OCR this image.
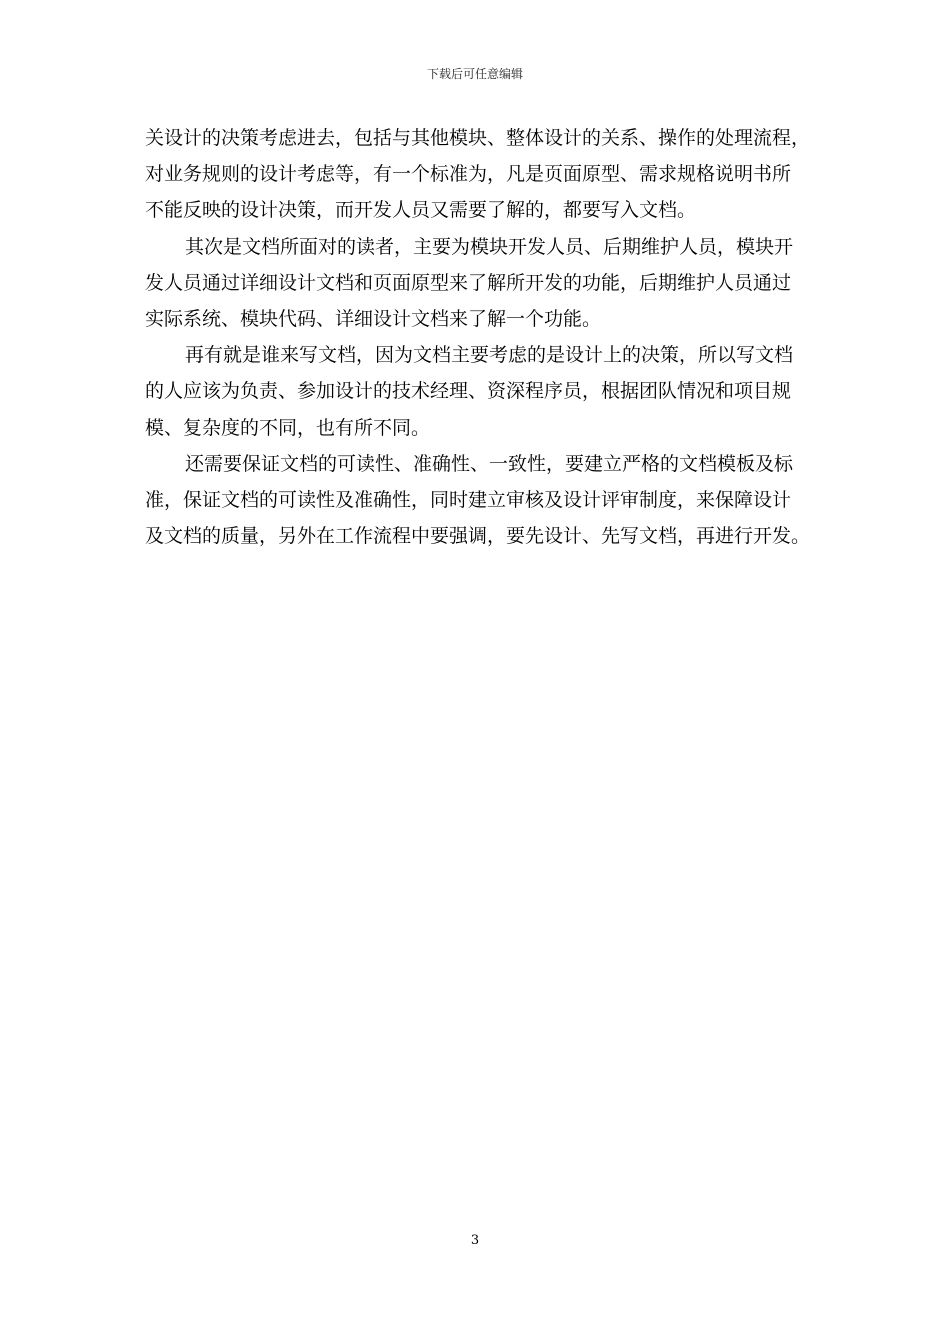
下载后可任意编辑
关设计的决策考虑进去，包括与其他模块、整体设计的关系、操作的处理流程，
对业务规则的设计考虑等，有一个标准为，凡是页面原型、需求规格说明书所
不能反映的设计决策，而开发人员又需要了解的，都要写入文档。
其次是文档所面对的读者，主要为模块开发人员、后期维护人员，模块开
发人员通过详细设计文档和页面原型来了解所开发的功能，后期维护人员通过
实际系统、模块代码、详细设计文档来了解一个功能。
再有就是谁来写文档，因为文档主要考虑的是设计上的决策，所以写文档
的人应该为负责、参加设计的技术经理、资深程序员，根据团队情况和项目规
模、复杂度的不同，也有所不同。
还需要保证文档的可读性、准确性、一致性，要建立严格的文档模板及标
准，保证文档的可读性及准确性，同时建立审核及设计评审制度，来保障设计
及文档的质量，另外在工作流程中要强调，要先设计、先写文档，再进行开发。
3
